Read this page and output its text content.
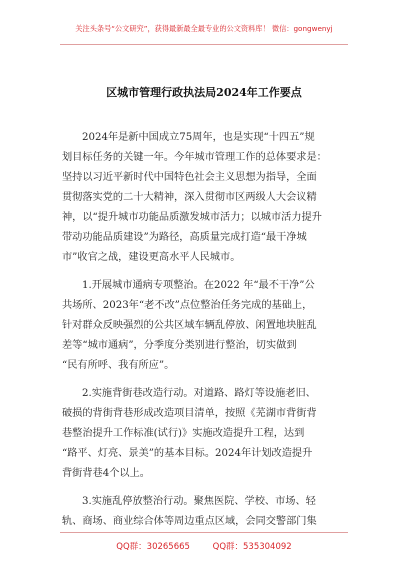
关注头条号“公文研究”，获得最新最全最专业的公文资料库！ 微信：gongwenyj
区城市管理行政执法局2024年工作要点

2024年是新中国成立75周年，也是实现“十四五”规
划目标任务的关键一年。今年城市管理工作的总体要求是：
坚持以习近平新时代中国特色社会主义思想为指导，全面
贯彻落实党的二十大精神，深入贯彻市区两级人大会议精
神，以“提升城市功能品质激发城市活力；以城市活力提升
带动功能品质建设”为路径，高质量完成打造“最干净城
市”收官之战，建设更高水平人民城市。

1.开展城市通病专项整治。在2022 年“最不干净”公
共场所、2023年“老不改”点位整治任务完成的基础上，
针对群众反映强烈的公共区域车辆乱停放、闲置地块脏乱
差等“城市通病”，分季度分类别进行整治，切实做到
“民有所呼、我有所应”。

2.实施背街巷改造行动。对道路、路灯等设施老旧、
破损的背街背巷形成改造项目清单，按照《芜湖市背街背
巷整治提升工作标准(试行)》实施改造提升工程，达到
“路平、灯亮、景美”的基本目标。2024年计划改造提升
背街背巷4个以上。

3.实施乱停放整治行动。聚焦医院、学校、市场、轻
轨、商场、商业综合体等周边重点区域，会同交警部门集

QQ群：30265665	QQ群：535304092
